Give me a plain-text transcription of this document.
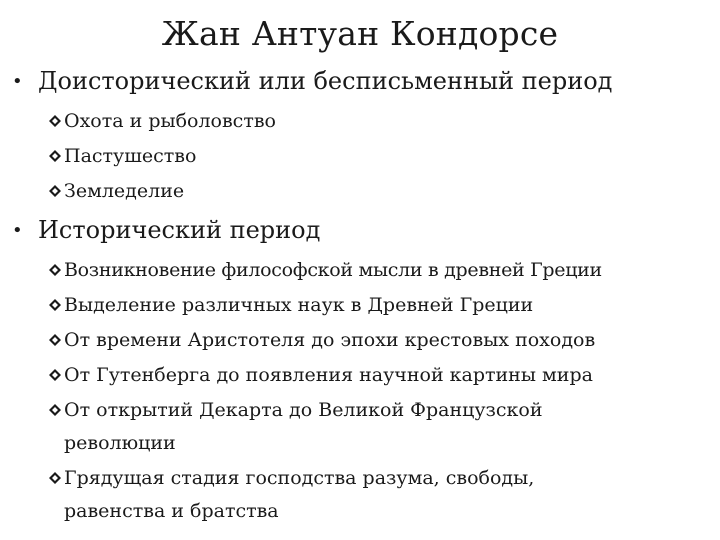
Жан Антуан Кондорсе
• Доисторический или бесписьменный период
Охота и рыболовство
Пастушество
Земледелие
• Исторический период
Возникновение философской мысли в древней Греции
Выделение различных наук в Древней Греции
От времени Аристотеля до эпохи крестовых походов
От Гутенберга до появления научной картины мира
От открытий Декарта до Великой Французской революции
Грядущая стадия господства разума, свободы, равенства и братства
